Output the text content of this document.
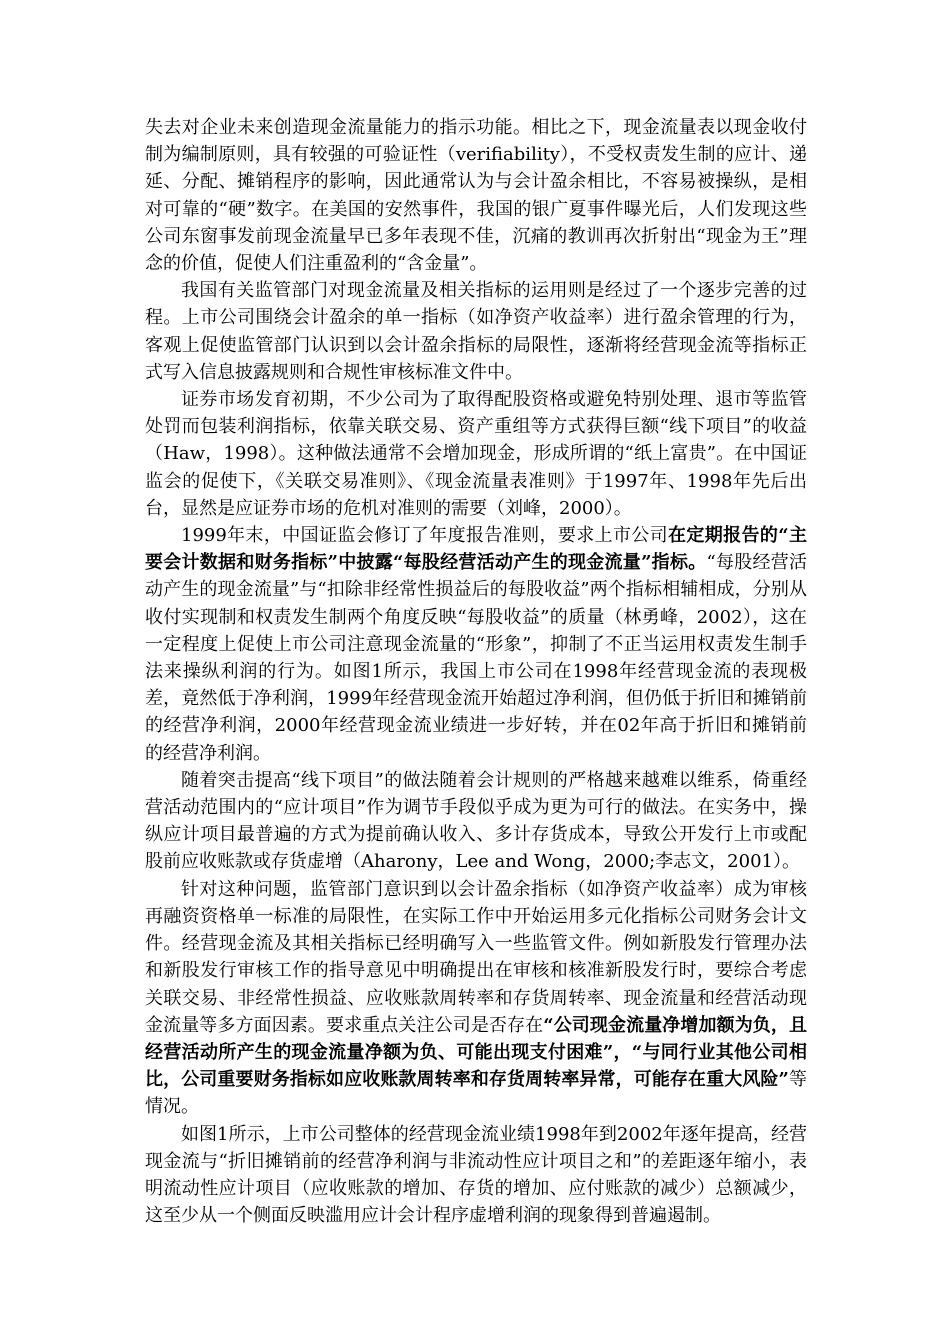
失去对企业未来创造现金流量能力的指示功能。相比之下，现金流量表以现金收付制为编制原则，具有较强的可验证性（verifiability），不受权责发生制的应计、递延、分配、摊销程序的影响，因此通常认为与会计盈余相比，不容易被操纵，是相对可靠的“硬”数字。在美国的安然事件，我国的银广夏事件曝光后，人们发现这些公司东窗事发前现金流量早已多年表现不佳，沉痛的教训再次折射出“现金为王”理念的价值，促使人们注重盈利的“含金量”。

我国有关监管部门对现金流量及相关指标的运用则是经过了一个逐步完善的过程。上市公司围绕会计盈余的单一指标（如净资产收益率）进行盈余管理的行为，客观上促使监管部门认识到以会计盈余指标的局限性，逐渐将经营现金流等指标正式写入信息披露规则和合规性审核标准文件中。

证券市场发育初期，不少公司为了取得配股资格或避免特别处理、退市等监管处罚而包装利润指标，依靠关联交易、资产重组等方式获得巨额“线下项目”的收益（Haw，1998）。这种做法通常不会增加现金，形成所谓的“纸上富贵”。在中国证监会的促使下，《关联交易准则》、《现金流量表准则》于1997年、1998年先后出台，显然是应证券市场的危机对准则的需要（刘峰，2000）。

1999年末，中国证监会修订了年度报告准则，要求上市公司在定期报告的“主要会计数据和财务指标”中披露“每股经营活动产生的现金流量”指标。“每股经营活动产生的现金流量”与“扣除非经常性损益后的每股收益”两个指标相辅相成，分别从收付实现制和权责发生制两个角度反映“每股收益”的质量（林勇峰，2002），这在一定程度上促使上市公司注意现金流量的“形象”，抑制了不正当运用权责发生制手法来操纵利润的行为。如图1所示，我国上市公司在1998年经营现金流的表现极差，竟然低于净利润，1999年经营现金流开始超过净利润，但仍低于折旧和摊销前的经营净利润，2000年经营现金流业绩进一步好转，并在02年高于折旧和摊销前的经营净利润。

随着突击提高“线下项目”的做法随着会计规则的严格越来越难以维系，倚重经营活动范围内的“应计项目”作为调节手段似乎成为更为可行的做法。在实务中，操纵应计项目最普遍的方式为提前确认收入、多计存货成本，导致公开发行上市或配股前应收账款或存货虚增（Aharony，Lee and Wong，2000;李志文，2001）。

针对这种问题，监管部门意识到以会计盈余指标（如净资产收益率）成为审核再融资资格单一标准的局限性，在实际工作中开始运用多元化指标公司财务会计文件。经营现金流及其相关指标已经明确写入一些监管文件。例如新股发行管理办法和新股发行审核工作的指导意见中明确提出在审核和核准新股发行时，要综合考虑关联交易、非经常性损益、应收账款周转率和存货周转率、现金流量和经营活动现金流量等多方面因素。要求重点关注公司是否存在“公司现金流量净增加额为负，且经营活动所产生的现金流量净额为负、可能出现支付困难”，“与同行业其他公司相比，公司重要财务指标如应收账款周转率和存货周转率异常，可能存在重大风险”等情况。

如图1所示，上市公司整体的经营现金流业绩1998年到2002年逐年提高，经营现金流与“折旧摊销前的经营净利润与非流动性应计项目之和”的差距逐年缩小，表明流动性应计项目（应收账款的增加、存货的增加、应付账款的减少）总额减少，这至少从一个侧面反映滥用应计会计程序虚增利润的现象得到普遍遏制。
